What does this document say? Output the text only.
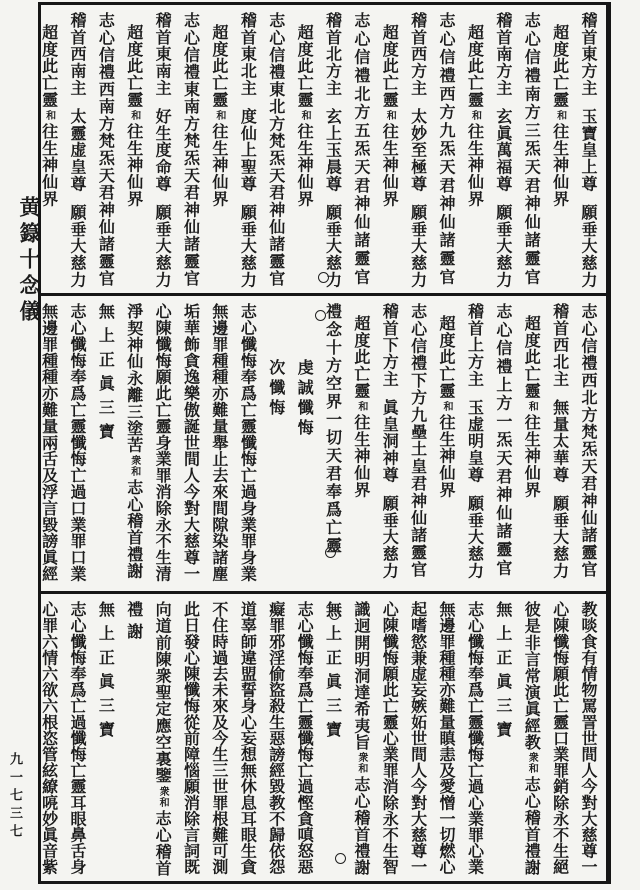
黄籙十念儀
九一七三七
稽首東方主玉寶皇上尊願垂大慈力
超度此亡靈和往生神仙界
志心信禮南方三炁天君神仙諸靈官
稽首南方主玄眞萬福尊願垂大慈力
超度此亡靈和往生神仙界
志心信禮西方九炁天君神仙諸靈官
稽首西方主太妙至極尊願垂大慈力
超度此亡靈和往生神仙界
志心信禮北方五炁天君神仙諸靈官
稽首北方主玄上玉晨尊願垂大慈力
超度此亡靈和往生神仙界
志心信禮東北方梵炁天君神仙諸靈官
稽首東北主度仙上聖尊願垂大慈力
超度此亡靈和往生神仙界
志心信禮東南方梵炁天君神仙諸靈官
稽首東南主好生度命尊願垂大慈力
超度此亡靈和往生神仙界
志心信禮西南方梵炁天君神仙諸靈官
稽首西南主太靈虚皇尊願垂大慈力
超度此亡靈和往生神仙界
志心信禮西北方梵炁天君神仙諸靈官
稽首西北主無量太華尊願垂大慈力
超度此亡靈和往生神仙界
志心信禮上方一炁天君神仙諸靈官
稽首上方主玉虚明皇尊願垂大慈力
超度此亡靈和往生神仙界
志心信禮下方九壘土皇君神仙諸靈官
稽首下方主眞皇洞神尊願垂大慈力
超度此亡靈和往生神仙界
禮念十方空界一切天君奉爲亡靈
虔誠懺悔
次懺悔
志心懺悔奉爲亡靈懺悔亡過身業罪身業
無邊罪種種亦難量舉止去來間隙染諸塵
垢華飾貪逸樂傲誕世間人今對大慈尊一
心陳懺悔願此亡靈身業罪消除永不生清
淨契神仙永離三塗苦衆和志心稽首禮謝
無上正眞三寶
志心懺悔奉爲亡靈懺悔亡過口業罪口業
無邊罪種種亦難量兩舌及浮言毀謗眞經
教啖食有情物罵詈世間人今對大慈尊一
心陳懺悔願此亡靈口業罪銷除永不生絕
彼是非言常演眞經教衆和志心稽首禮謝
無上正眞三寶
志心懺悔奉爲亡靈懺悔亡過心業罪心業
無邊罪種種亦難量瞋恚及愛憎一切燃心
起嗜慾兼虚妄嫉妬世間人今對大慈尊一
心陳懺悔願此亡靈心業罪消除永不生智
識迥開明洞達希夷旨衆和志心稽首禮謝
無上正眞三寶
志心懺悔奉爲亡靈懺悔亡過慳貪嗔怒惡
癡罪邪淫偷盜殺生惡謗經毀教不歸依怨
道辜師違盟誓身心妄想無休息耳眼生貪
不住時過去未來及今生三世罪根難可測
此日發心陳懺悔從前障惱願消除言詞既
向道前陳衆聖定應空裏鑒衆和志心稽首
禮謝
無上正眞三寶
志心懺悔奉爲亡過懺悔亡靈耳眼鼻舌身
心罪六情六欲六根恣管絃繚喨妙眞音紫
